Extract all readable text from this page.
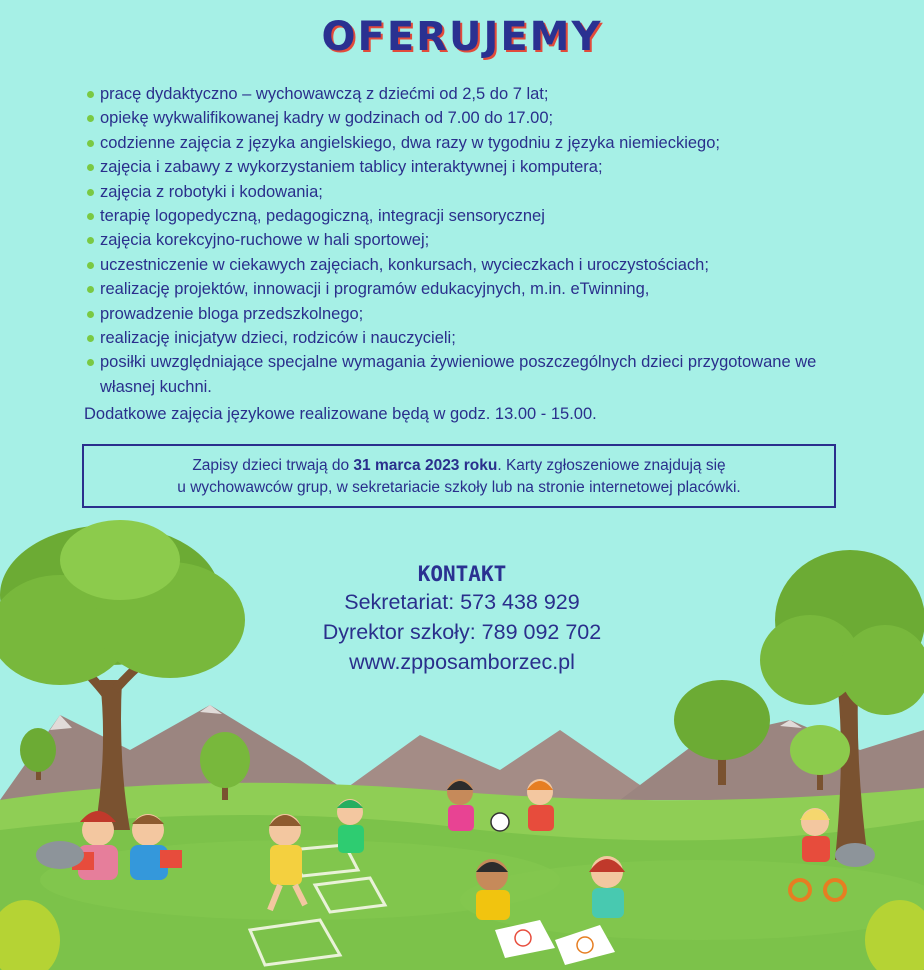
OFERUJEMY
pracę dydaktyczno – wychowawczą z dziećmi od 2,5 do 7 lat;
opiekę wykwalifikowanej kadry w godzinach od 7.00 do 17.00;
codzienne zajęcia z języka angielskiego, dwa razy w tygodniu z języka niemieckiego;
zajęcia i zabawy z wykorzystaniem tablicy interaktywnej i komputera;
zajęcia z robotyki i kodowania;
terapię logopedyczną, pedagogiczną, integracji sensorycznej
zajęcia korekcyjno-ruchowe w hali sportowej;
uczestniczenie w ciekawych zajęciach, konkursach, wycieczkach i uroczystościach;
realizację projektów, innowacji i programów edukacyjnych, m.in. eTwinning,
prowadzenie bloga przedszkolnego;
realizację inicjatyw dzieci, rodziców i nauczycieli;
posiłki uwzględniające specjalne wymagania żywieniowe poszczególnych dzieci przygotowane we własnej kuchni.
Dodatkowe zajęcia językowe realizowane będą w godz. 13.00 - 15.00.
Zapisy dzieci trwają do 31 marca 2023 roku. Karty zgłoszeniowe znajdują się
u wychowawców grup, w sekretariacie szkoły lub na stronie internetowej placówki.
KONTAKT
Sekretariat: 573 438 929
Dyrektor szkoły: 789 092 702
www.zpposamborzec.pl
